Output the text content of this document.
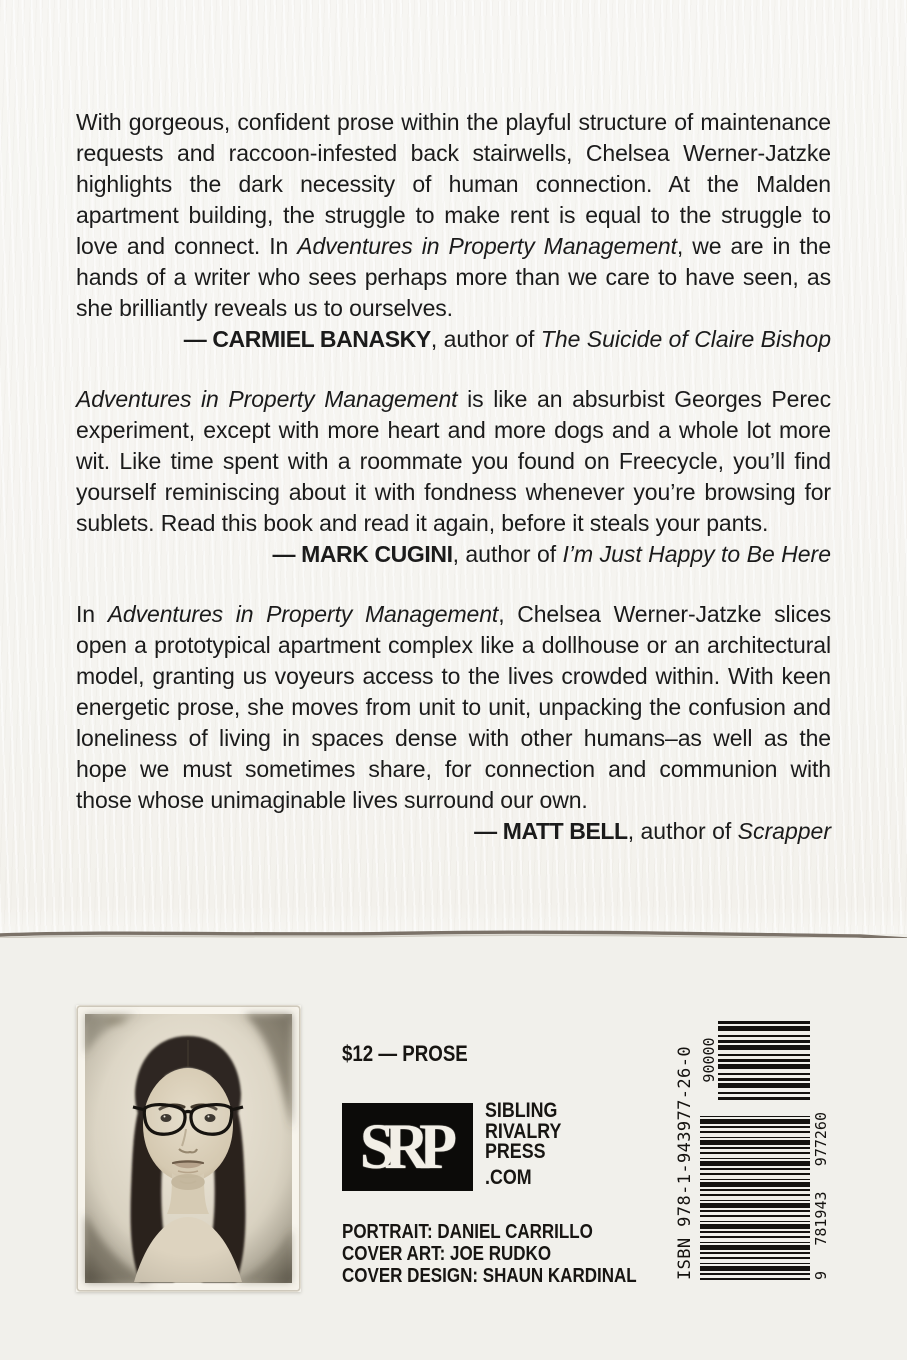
With gorgeous, confident prose within the playful structure of maintenance requests and raccoon-infested back stairwells, Chelsea Werner-Jatzke highlights the dark necessity of human connection. At the Malden apartment building, the struggle to make rent is equal to the struggle to love and connect. In Adventures in Property Management, we are in the hands of a writer who sees perhaps more than we care to have seen, as she brilliantly reveals us to ourselves.

— CARMIEL BANASKY, author of The Suicide of Claire Bishop

Adventures in Property Management is like an absurbist Georges Perec experiment, except with more heart and more dogs and a whole lot more wit. Like time spent with a roommate you found on Freecycle, you’ll find yourself reminiscing about it with fondness whenever you’re browsing for sublets. Read this book and read it again, before it steals your pants.

— MARK CUGINI, author of I’m Just Happy to Be Here

In Adventures in Property Management, Chelsea Werner-Jatzke slices open a prototypical apartment complex like a dollhouse or an architectural model, granting us voyeurs access to the lives crowded within. With keen energetic prose, she moves from unit to unit, unpacking the confusion and loneliness of living in spaces dense with other humans–as well as the hope we must sometimes share, for connection and communion with those whose unimaginable lives surround our own.

— MATT BELL, author of Scrapper

$12 — PROSE
SRP
SIBLING
RIVALRY
PRESS
.COM
PORTRAIT: DANIEL CARRILLO
COVER ART: JOE RUDKO
COVER DESIGN: SHAUN KARDINAL	ISBN 978-1-943977-26-0	9
781943
977260
90000
